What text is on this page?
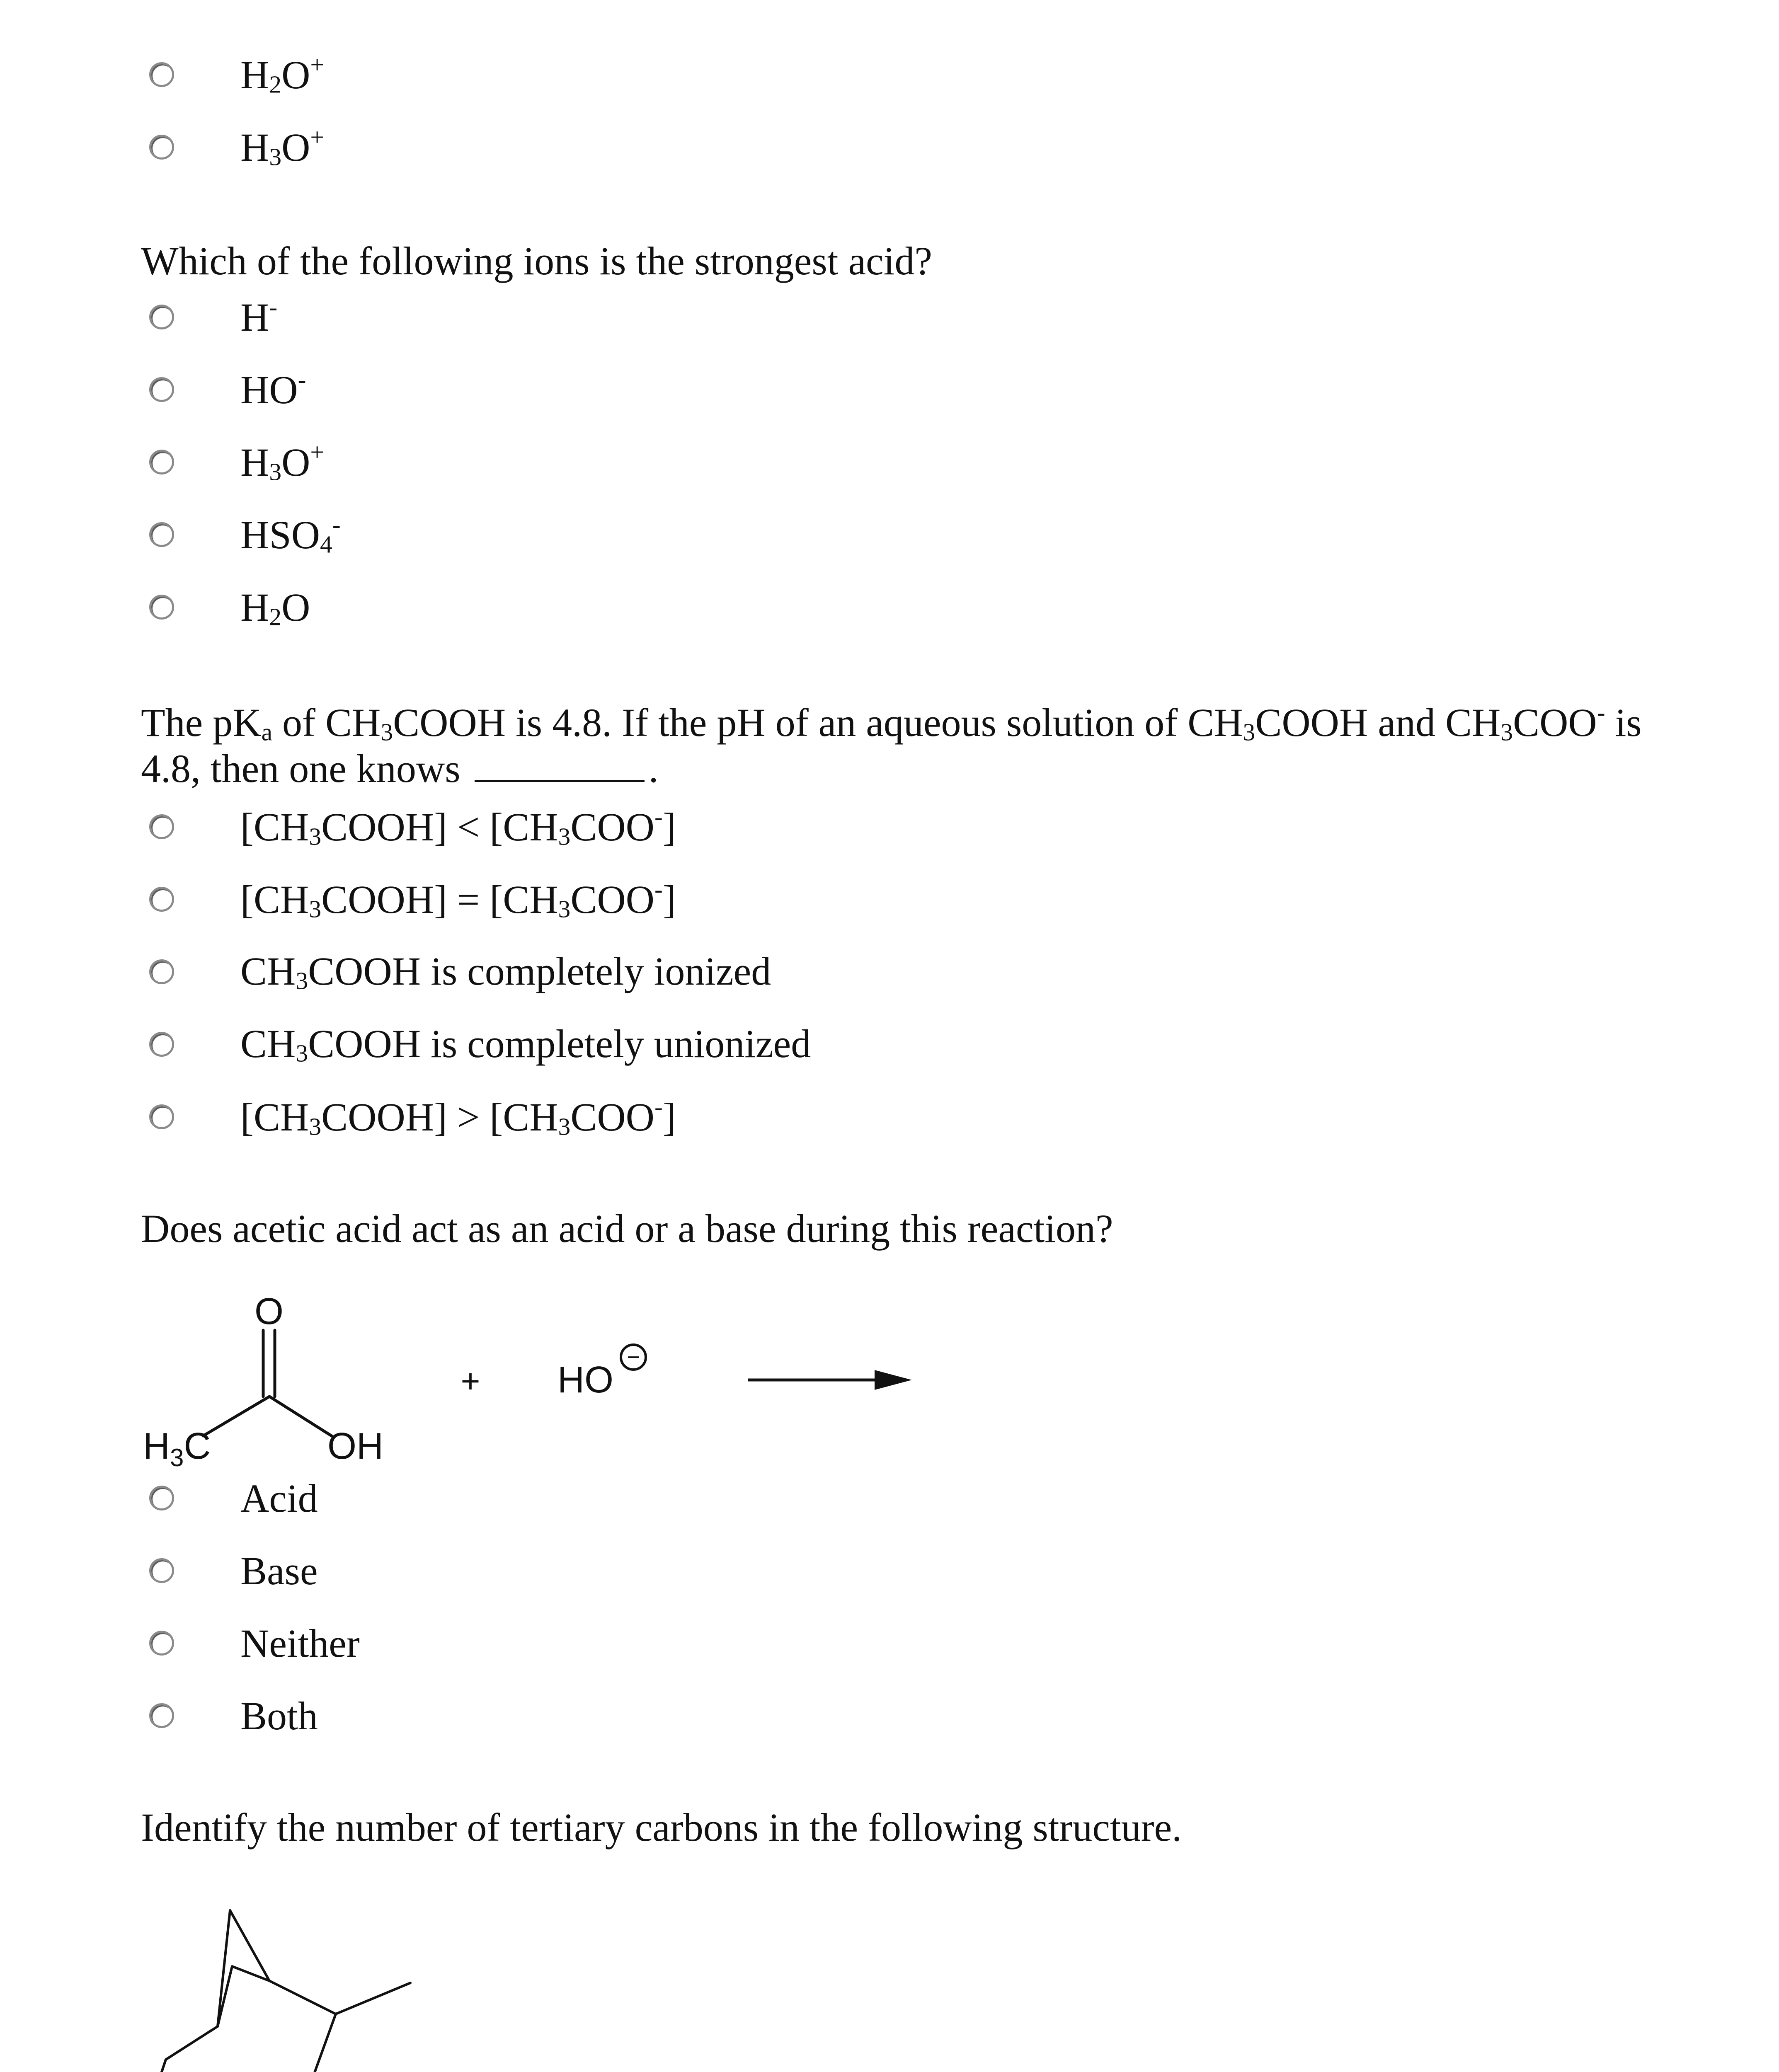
$H_2O^+$
$H_3O^+$
Which of the following ions is the strongest acid?
H-
HO-
$H_3O^+$
$HSO_4^-$
$H_2O$
The $pK_a$ of $CH_3COOH$ is 4.8. If the pH of an aqueous solution of $CH_3COOH$ and $CH_3COO^-$ is
4.8, then one knows	.
$[CH_3COOH] < [CH_3COO^-]$
$[CH_3COOH] = [CH_3COO^-]$
$CH_3COOH$ is completely ionized
$CH_3COOH$ is completely unionized
$[CH_3COOH] > [CH_3COO^-]$
Does acetic acid act as an acid or a base during this reaction?
O
$H_3C$	OH
+ HO
−
Acid
Base
Neither
Both
Identify the number of tertiary carbons in the following structure.
